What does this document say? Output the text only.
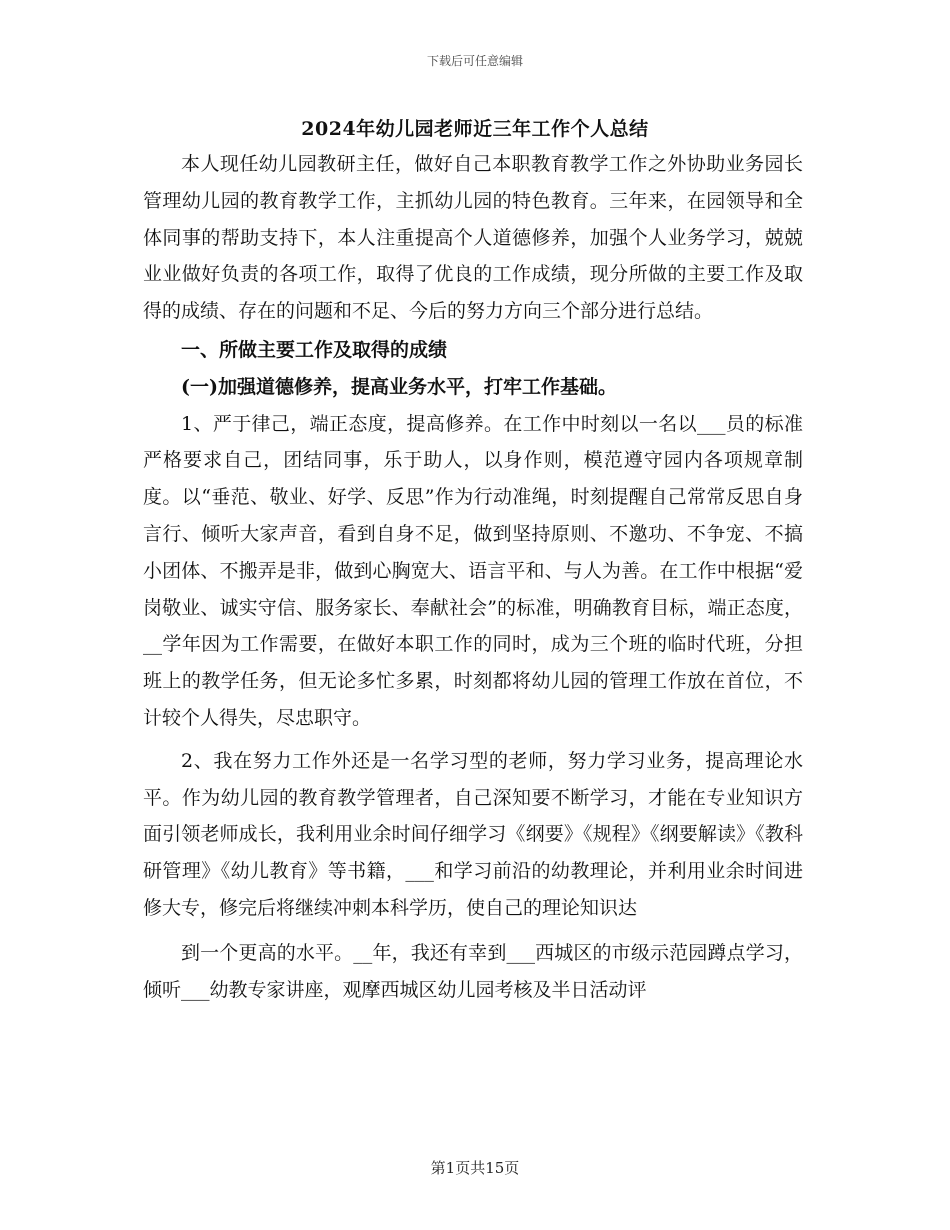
下载后可任意编辑
2024年幼儿园老师近三年工作个人总结

本人现任幼儿园教研主任，做好自己本职教育教学工作之外协助业务园长管理幼儿园的教育教学工作，主抓幼儿园的特色教育。三年来，在园领导和全体同事的帮助支持下，本人注重提高个人道德修养，加强个人业务学习，兢兢业业做好负责的各项工作，取得了优良的工作成绩，现分所做的主要工作及取得的成绩、存在的问题和不足、今后的努力方向三个部分进行总结。

一、所做主要工作及取得的成绩

(一)加强道德修养，提高业务水平，打牢工作基础。

1、严于律己，端正态度，提高修养。在工作中时刻以一名以___员的标准严格要求自己，团结同事，乐于助人，以身作则，模范遵守园内各项规章制度。以“垂范、敬业、好学、反思”作为行动准绳，时刻提醒自己常常反思自身言行、倾听大家声音，看到自身不足，做到坚持原则、不邀功、不争宠、不搞小团体、不搬弄是非，做到心胸宽大、语言平和、与人为善。在工作中根据“爱岗敬业、诚实守信、服务家长、奉献社会”的标准，明确教育目标，端正态度，__学年因为工作需要，在做好本职工作的同时，成为三个班的临时代班，分担班上的教学任务，但无论多忙多累，时刻都将幼儿园的管理工作放在首位，不计较个人得失，尽忠职守。

2、我在努力工作外还是一名学习型的老师，努力学习业务，提高理论水平。作为幼儿园的教育教学管理者，自己深知要不断学习，才能在专业知识方面引领老师成长，我利用业余时间仔细学习《纲要》《规程》《纲要解读》《教科研管理》《幼儿教育》等书籍，___和学习前沿的幼教理论，并利用业余时间进修大专，修完后将继续冲刺本科学历，使自己的理论知识达

到一个更高的水平。__年，我还有幸到___西城区的市级示范园蹲点学习，倾听___幼教专家讲座，观摩西城区幼儿园考核及半日活动评

第1页共15页
